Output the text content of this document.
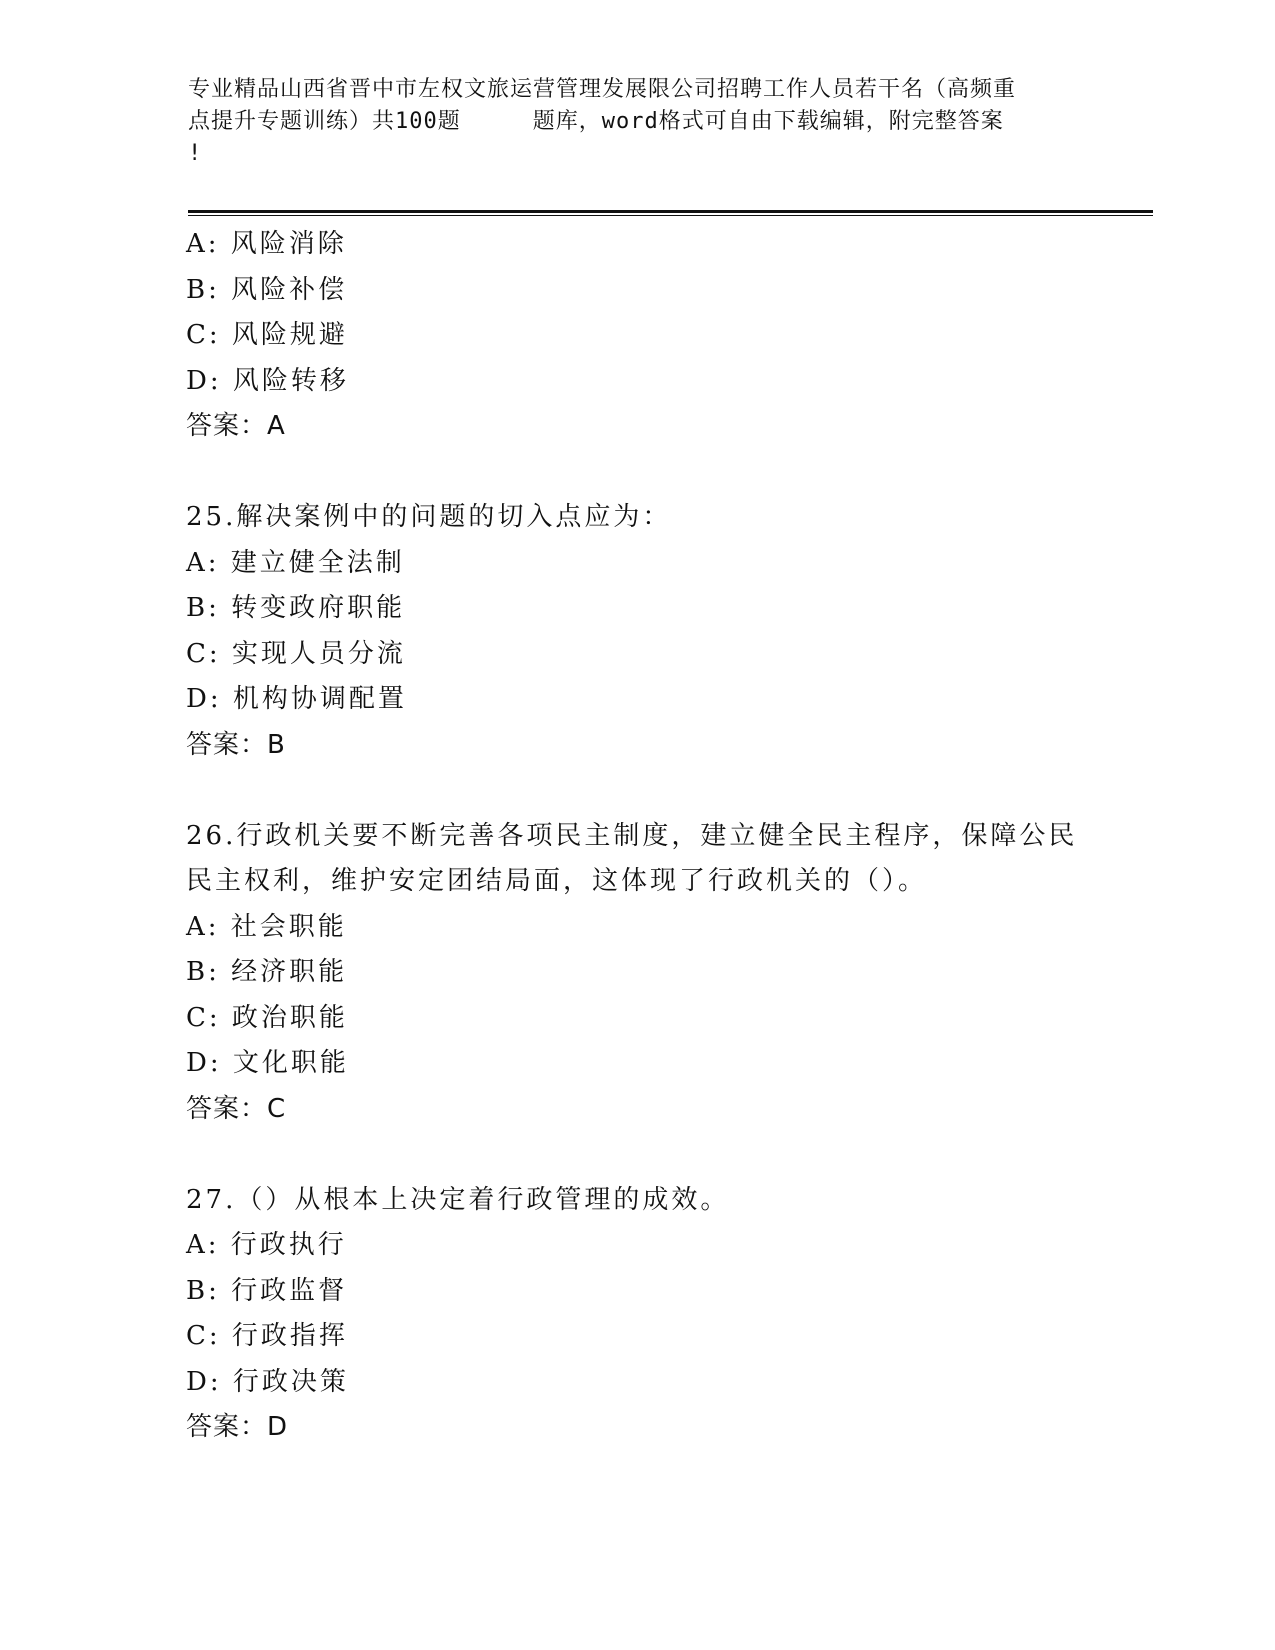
专业精品山西省晋中市左权文旅运营管理发展限公司招聘工作人员若干名（高频重
点提升专题训练）共100题	题库，word格式可自由下载编辑，附完整答案
!
A: 风险消除
B: 风险补偿
C: 风险规避
D: 风险转移
答案：A
25.解决案例中的问题的切入点应为：
A: 建立健全法制
B: 转变政府职能
C: 实现人员分流
D: 机构协调配置
答案：B
26.行政机关要不断完善各项民主制度，建立健全民主程序，保障公民
民主权利，维护安定团结局面，这体现了行政机关的（）。
A: 社会职能
B: 经济职能
C: 政治职能
D: 文化职能
答案：C
27.（）从根本上决定着行政管理的成效。
A: 行政执行
B: 行政监督
C: 行政指挥
D: 行政决策
答案：D
